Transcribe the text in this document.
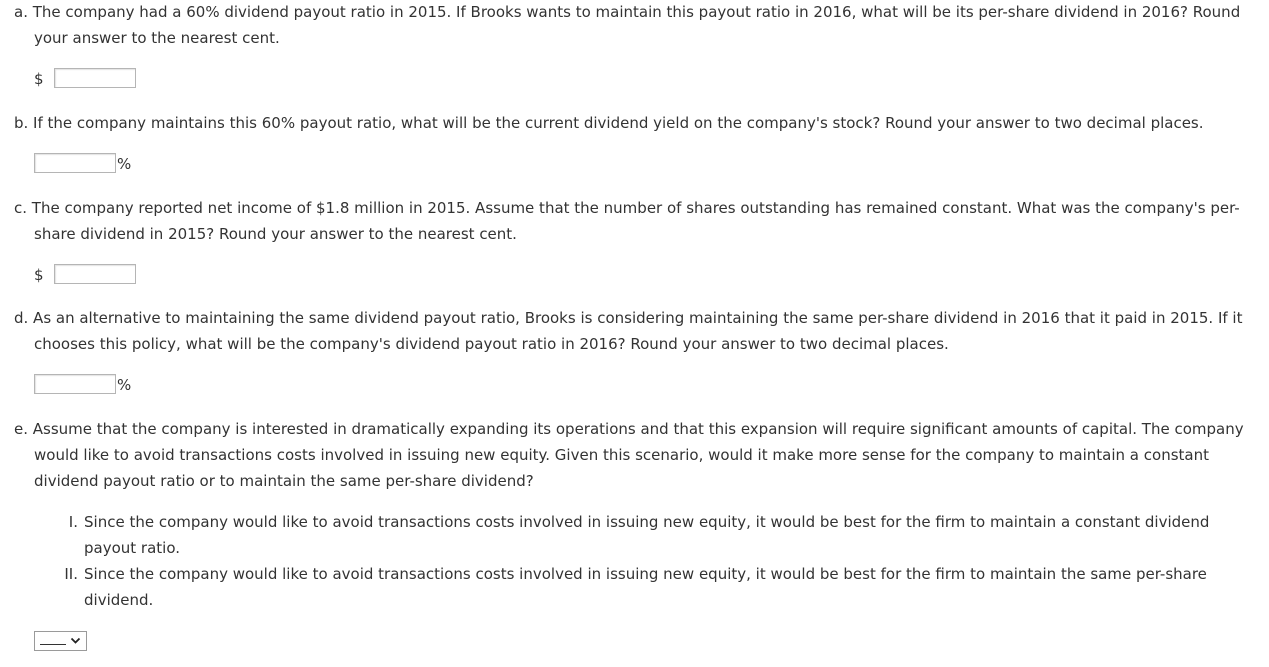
a. The company had a 60% dividend payout ratio in 2015. If Brooks wants to maintain this payout ratio in 2016, what will be its per-share dividend in 2016? Round
your answer to the nearest cent.
$
b. If the company maintains this 60% payout ratio, what will be the current dividend yield on the company's stock? Round your answer to two decimal places.
%
c. The company reported net income of $1.8 million in 2015. Assume that the number of shares outstanding has remained constant. What was the company's per-
share dividend in 2015? Round your answer to the nearest cent.
$
d. As an alternative to maintaining the same dividend payout ratio, Brooks is considering maintaining the same per-share dividend in 2016 that it paid in 2015. If it
chooses this policy, what will be the company's dividend payout ratio in 2016? Round your answer to two decimal places.
%
e. Assume that the company is interested in dramatically expanding its operations and that this expansion will require significant amounts of capital. The company
would like to avoid transactions costs involved in issuing new equity. Given this scenario, would it make more sense for the company to maintain a constant
dividend payout ratio or to maintain the same per-share dividend?
I. Since the company would like to avoid transactions costs involved in issuing new equity, it would be best for the firm to maintain a constant dividend
payout ratio.
II. Since the company would like to avoid transactions costs involved in issuing new equity, it would be best for the firm to maintain the same per-share
dividend.
